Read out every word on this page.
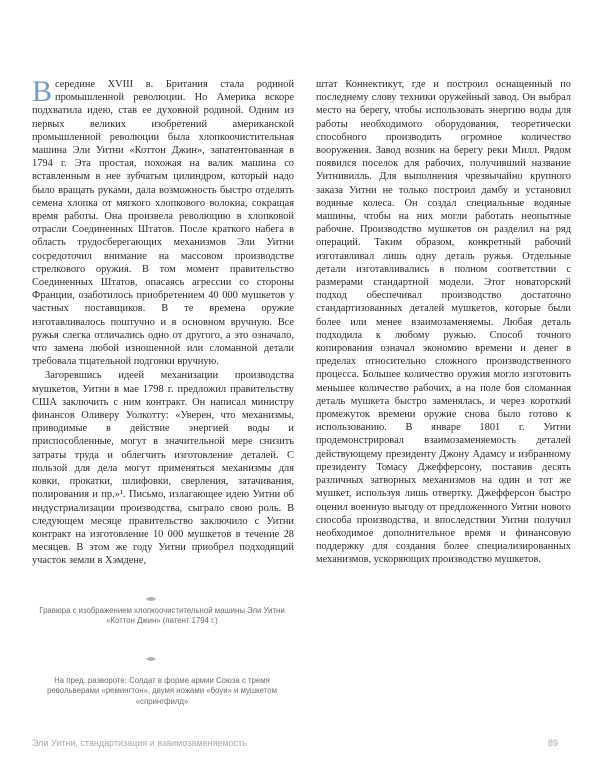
Всередине XVIII в. Британия стала родиной промышленной революции. Но Америка вскоре подхватила идею, став ее духовной родиной. Одним из первых великих изобретений американской промышленной революции была хлопкоочистительная машина Эли Уитни «Коттон Джин», запатентованная в 1794 г. Эта простая, похожая на валик машина со вставленным в нее зубчатым цилиндром, который надо было вращать руками, дала возможность быстро отделять семена хлопка от мягкого хлопкового волокна, сокращая время работы. Она произвела революцию в хлопковой отрасли Соединенных Штатов. После краткого набега в область трудосберегающих механизмов Эли Уитни сосредоточил внимание на массовом производстве стрелкового оружия. В том момент правительство Соединенных Штатов, опасаясь агрессии со стороны Франции, озаботилось приобретением 40 000 мушкетов у частных поставщиков. В те времена оружие изготавливалось поштучно и в основном вручную. Все ружья слегка отличались одно от другого, а это означало, что замена любой изношенной или сломанной детали требовала тщательной подгонки вручную.

Загоревшись идеей механизации производства мушкетов, Уитни в мае 1798 г. предложил правительству США заключить с ним контракт. Он написал министру финансов Оливеру Уолкотту: «Уверен, что механизмы, приводимые в действие энергией воды и приспособленные, могут в значительной мере снизить затраты труда и облегчить изготовление деталей. С пользой для дела могут применяться механизмы для ковки, прокатки, шлифовки, сверления, затачивания, полирования и пр.»¹. Письмо, излагающее идею Уитни об индустриализации производства, сыграло свою роль. В следующем месяце правительство заключило с Уитни контракт на изготовление 10 000 мушкетов в течение 28 месяцев. В этом же году Уитни приобрел подходящий участок земли в Хэмдене,

штат Коннектикут, где и построил оснащенный по последнему слову техники оружейный завод. Он выбрал место на берегу, чтобы использовать энергию воды для работы необходимого оборудования, теоретически способного производить огромное количество вооружения. Завод возник на берегу реки Милл. Рядом появился поселок для рабочих, получивший название Уитнивилль. Для выполнения чрезвычайно крупного заказа Уитни не только построил дамбу и установил водяные колеса. Он создал специальные водяные машины, чтобы на них могли работать неопытные рабочие. Производство мушкетов он разделил на ряд операций. Таким образом, конкретный рабочий изготавливал лишь одну деталь ружья. Отдельные детали изготавливались в полном соответствии с размерами стандартной модели. Этот новаторский подход обеспечивал производство достаточно стандартизованных деталей мушкетов, которые были более или менее взаимозаменяемы. Любая деталь подходила к любому ружью. Способ точного копирования означал экономию времени и денег в пределах относительно сложного производственного процесса. Большее количество оружия могло изготовить меньшее количество рабочих, а на поле боя сломанная деталь мушкета быстро заменялась, и через короткий промежуток времени оружие снова было готово к использованию. В январе 1801 г. Уитни продемонстрировал взаимозаменяемость деталей действующему президенту Джону Адамсу и избранному президенту Томасу Джефферсону, поставив десять различных затворных механизмов на один и тот же мушкет, используя лишь отвертку. Джефферсон быстро оценил военную выгоду от предложенного Уитни нового способа производства, и впоследствии Уитни получил необходимое дополнительное время и финансовую поддержку для создания более специализированных механизмов, ускоряющих производство мушкетов.

Гравюра с изображением хлопкоочистительной машины Эли Уитни «Коттон Джин» (патент 1794 г.)
На пред. развороте: Солдат в форме армии Союза с тремя револьверами «ремингтон», двумя ножами «боуи» и мушкетом «спрингфилд»
Эли Уитни, стандартизация и взаимозаменяемость	89
